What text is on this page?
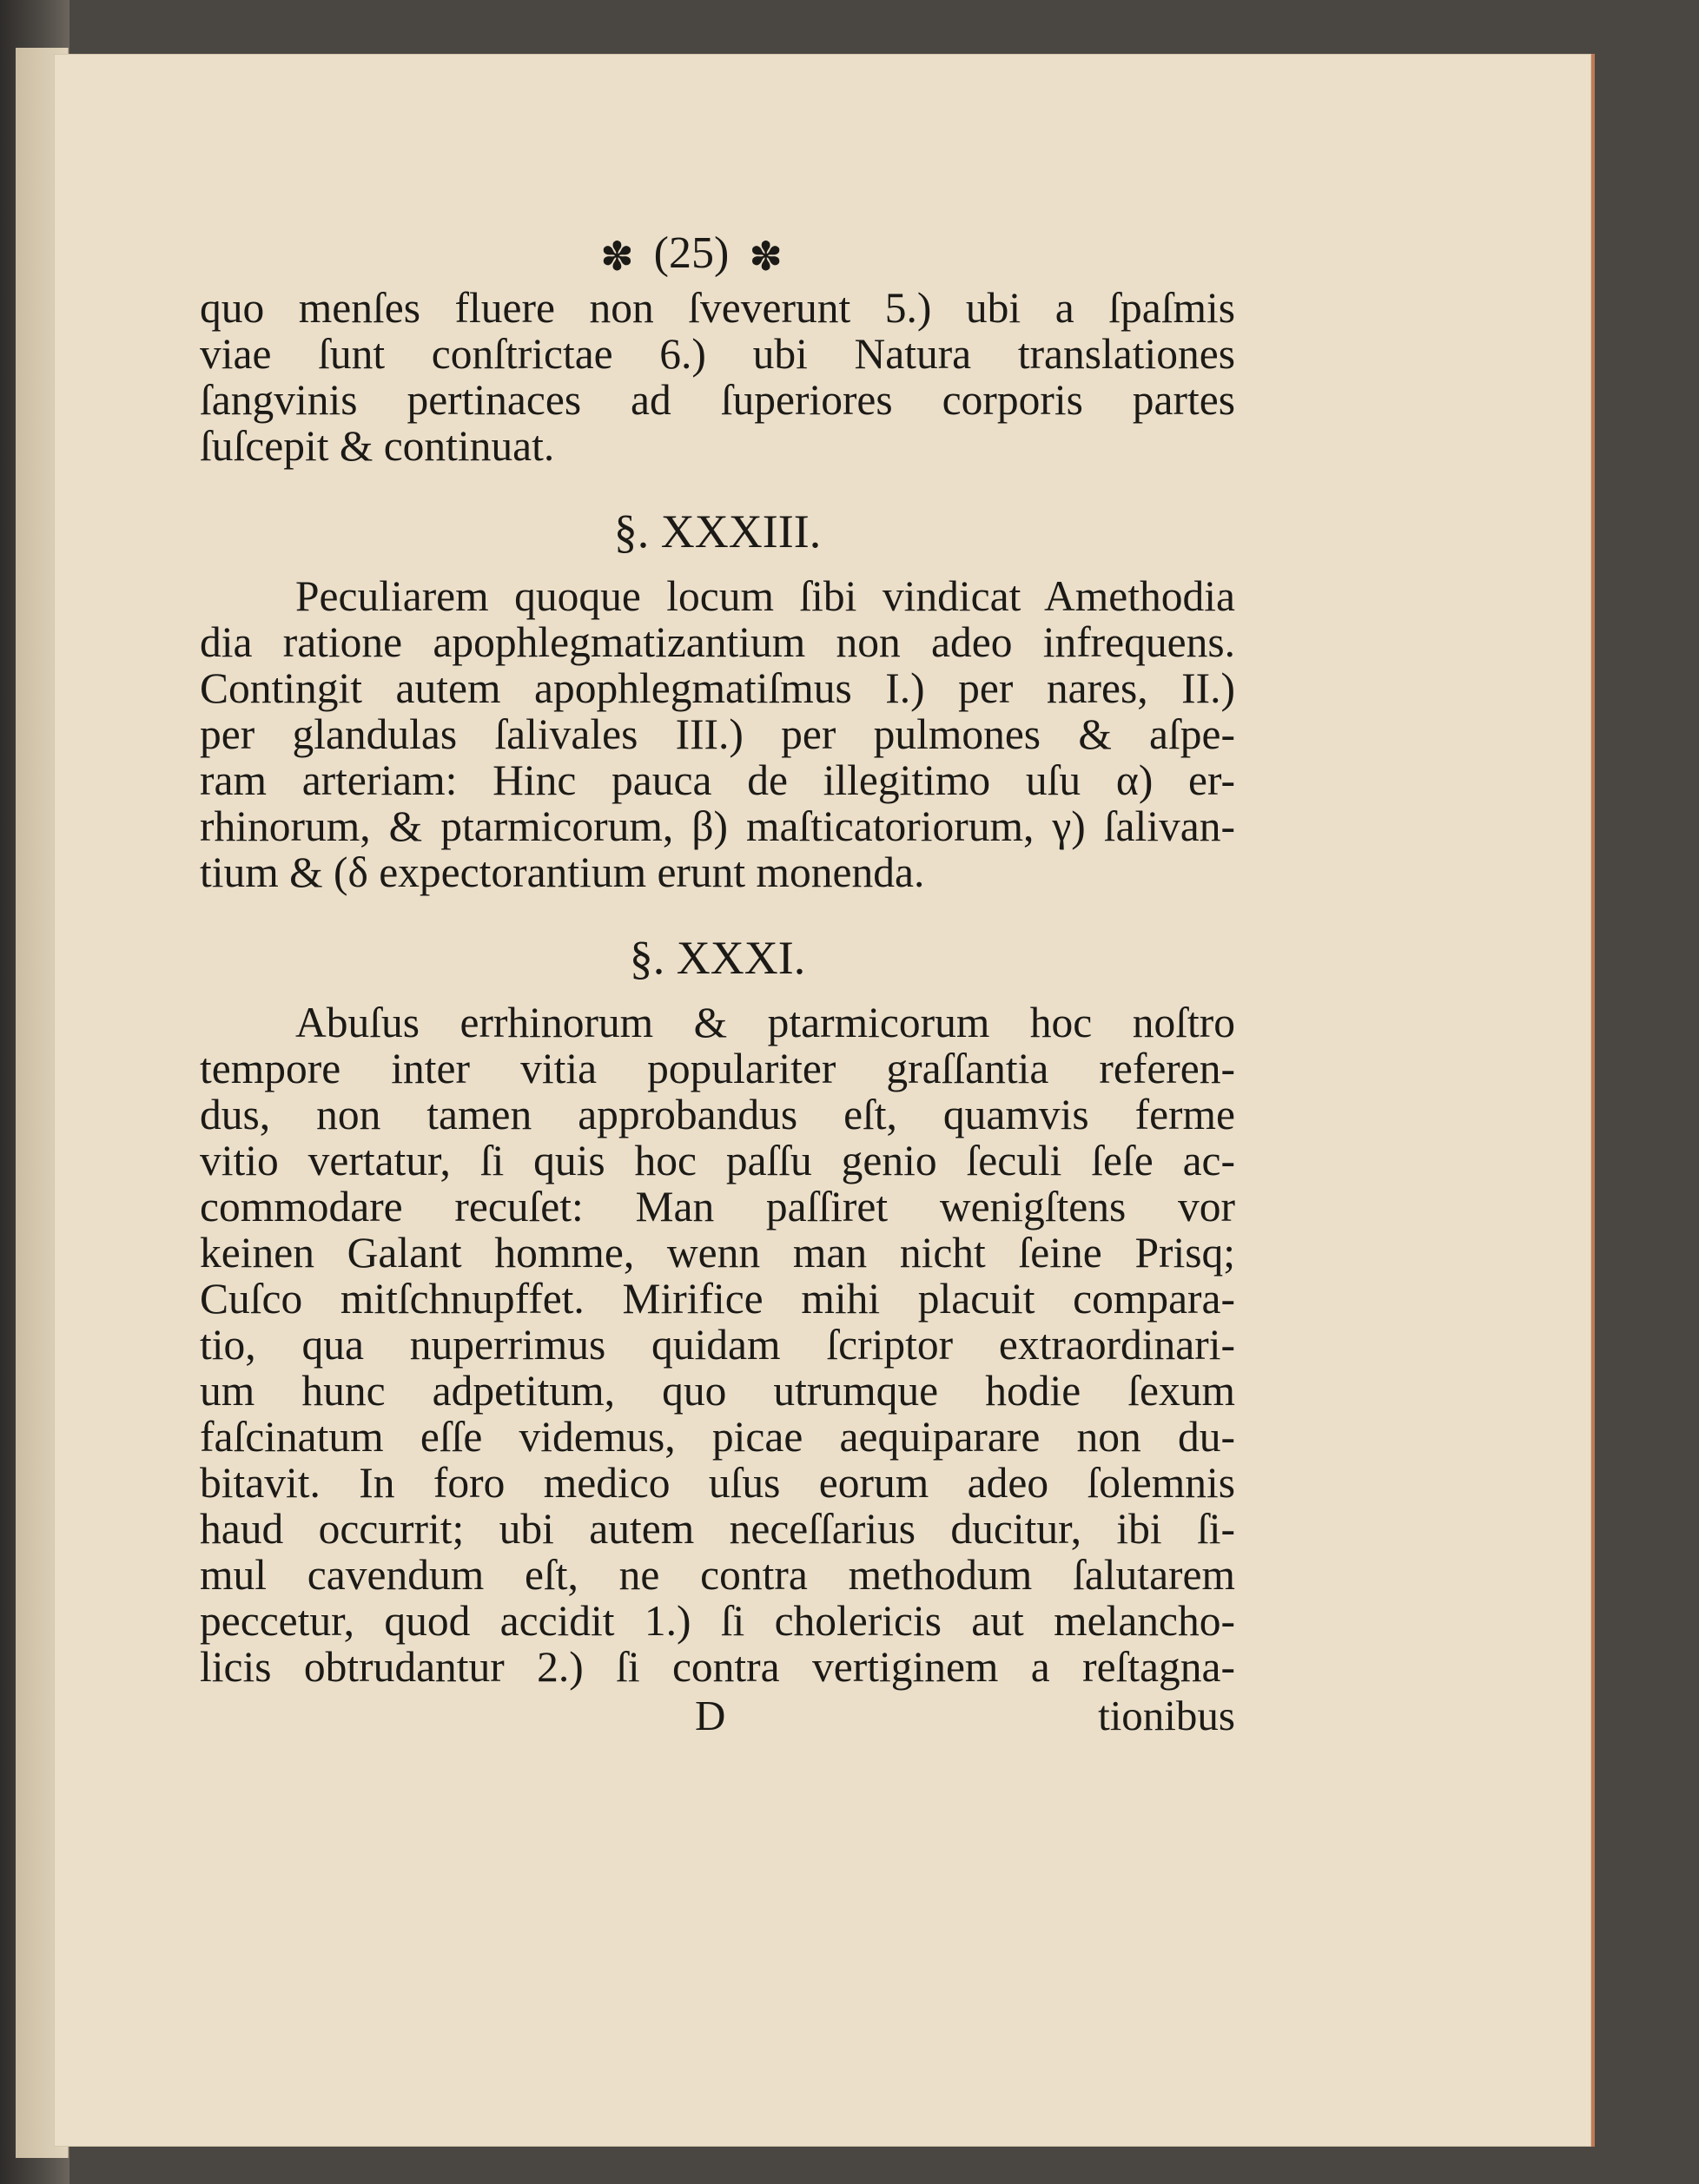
✽ (25) ✽
quo menſes fluere non ſveverunt 5.) ubi a ſpaſmis
viae ſunt conſtrictae 6.) ubi Natura translationes
ſangvinis pertinaces ad ſuperiores corporis partes
ſuſcepit & continuat.
§. XXXIII.
Peculiarem quoque locum ſibi vindicat Amethodia
dia ratione apophlegmatizantium non adeo infrequens.
Contingit autem apophlegmatiſmus I.) per nares, II.)
per glandulas ſalivales III.) per pulmones & aſpe-
ram arteriam: Hinc pauca de illegitimo uſu α) er-
rhinorum, & ptarmicorum, β) maſticatoriorum, γ) ſalivan-
tium & (δ expectorantium erunt monenda.
§. XXXI.
Abuſus errhinorum & ptarmicorum hoc noſtro
tempore inter vitia populariter graſſantia referen-
dus, non tamen approbandus eſt, quamvis ferme
vitio vertatur, ſi quis hoc paſſu genio ſeculi ſeſe ac-
commodare recuſet: Man paſſiret wenigſtens vor
keinen Galant homme, wenn man nicht ſeine Prisq;
Cuſco mitſchnupffet. Mirifice mihi placuit compara-
tio, qua nuperrimus quidam ſcriptor extraordinari-
um hunc adpetitum, quo utrumque hodie ſexum
faſcinatum eſſe videmus, picae aequiparare non du-
bitavit. In foro medico uſus eorum adeo ſolemnis
haud occurrit; ubi autem neceſſarius ducitur, ibi ſi-
mul cavendum eſt, ne contra methodum ſalutarem
peccetur, quod accidit 1.) ſi cholericis aut melancho-
licis obtrudantur 2.) ſi contra vertiginem a reſtagna-
D	tionibus
